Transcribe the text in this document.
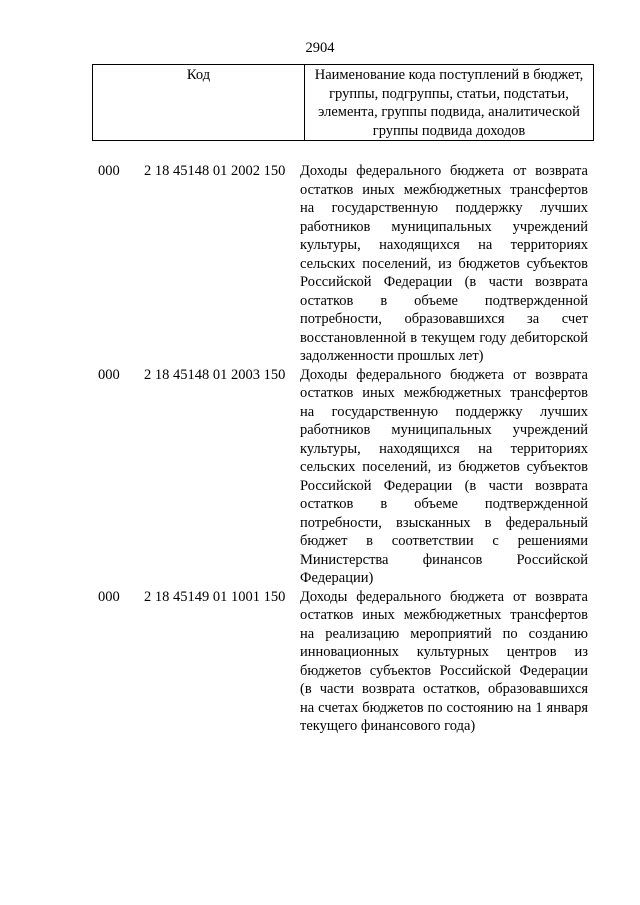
2904
Код	Наименование кода поступлений в бюджет, группы, подгруппы, статьи, подстатьи, элемента, группы подвида, аналитической группы подвида доходов
000	2 18 45148 01 2002 150	Доходы федерального бюджета от возврата остатков иных межбюджетных трансфертов на государственную поддержку лучших работников муниципальных учреждений культуры, находящихся на территориях сельских поселений, из бюджетов субъектов Российской Федерации (в части возврата остатков в объеме подтвержденной потребности, образовавшихся за счет восстановленной в текущем году дебиторской задолженности прошлых лет)
000	2 18 45148 01 2003 150	Доходы федерального бюджета от возврата остатков иных межбюджетных трансфертов на государственную поддержку лучших работников муниципальных учреждений культуры, находящихся на территориях сельских поселений, из бюджетов субъектов Российской Федерации (в части возврата остатков в объеме подтвержденной потребности, взысканных в федеральный бюджет в соответствии с решениями Министерства финансов Российской Федерации)
000	2 18 45149 01 1001 150	Доходы федерального бюджета от возврата остатков иных межбюджетных трансфертов на реализацию мероприятий по созданию инновационных культурных центров из бюджетов субъектов Российской Федерации (в части возврата остатков, образовавшихся на счетах бюджетов по состоянию на 1 января текущего финансового года)
